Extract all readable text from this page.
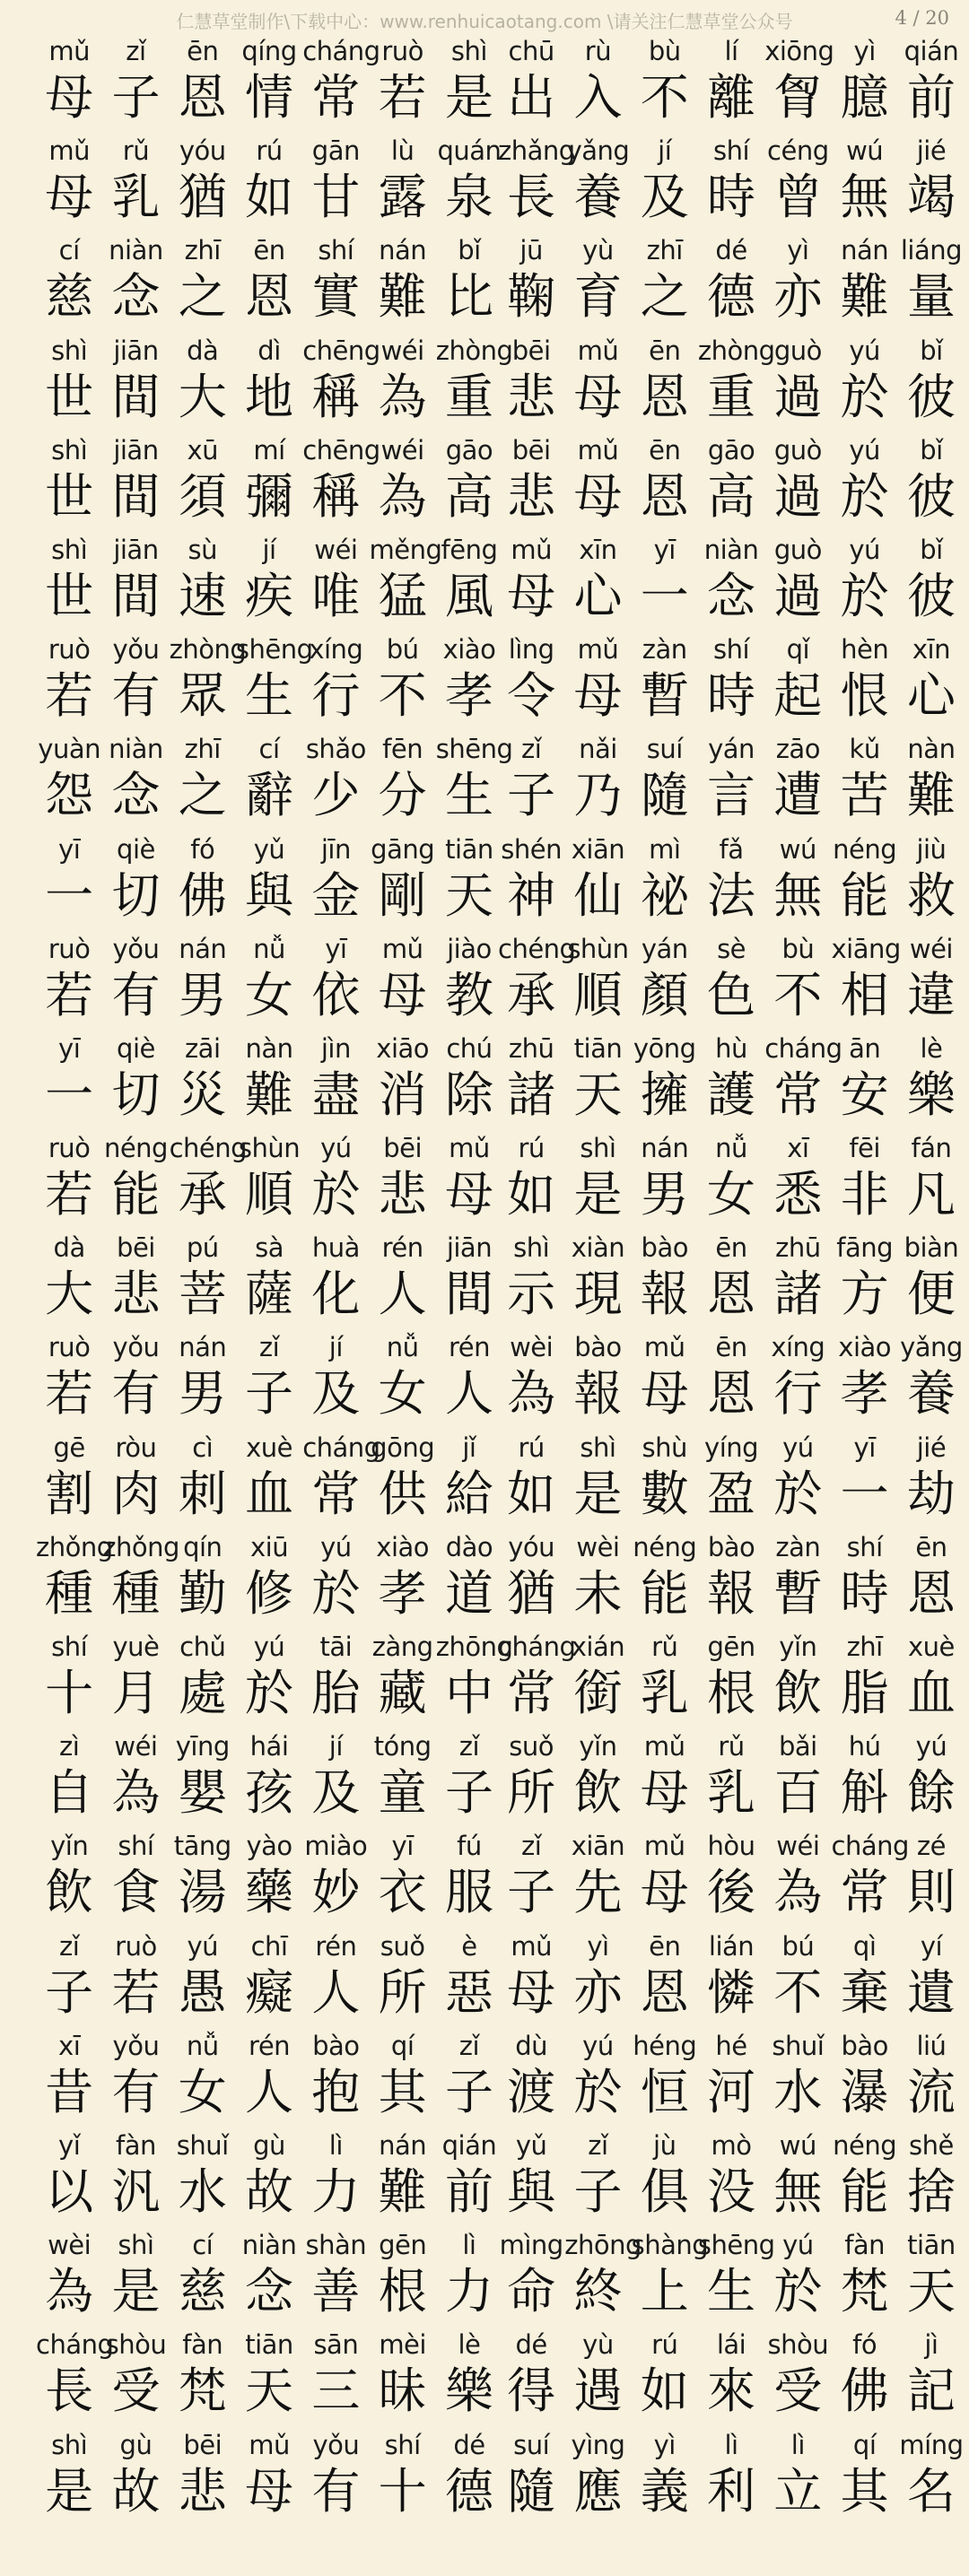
仁慧草堂制作\下载中心：www.renhuicaotang.com \请关注仁慧草堂公众号	4 / 20
mǔ
母
zǐ
子
ēn
恩
qíng
情
cháng
常
ruò
若
shì
是
mǔ
母
rǔ
乳
yóu
猶
rú
如
gān
甘
lù
露
quán
泉
cí
慈
niàn
念
zhī
之
ēn
恩
shí
實
nán
難
bǐ
比
shì
世
jiān
間
dà
大
dì
地
chēng
稱
wéi
為
zhòng
重
shì
世
jiān
間
xū
須
mí
彌
chēng
稱
wéi
為
gāo
高
shì
世
jiān
間
sù
速
jí
疾
wéi
唯
měng
猛
fēng
風
ruò
若
yǒu
有
zhòng
眾
shēng
生
xíng
行
bú
不
xiào
孝
yuàn
怨
niàn
念
zhī
之
cí
辭
shǎo
少
fēn
分
shēng
生
yī
一
qiè
切
fó
佛
yǔ
與
jīn
金
gāng
剛
tiān
天
ruò
若
yǒu
有
nán
男
nǚ
女
yī
依
mǔ
母
jiào
教
yī
一
qiè
切
zāi
災
nàn
難
jìn
盡
xiāo
消
chú
除
ruò
若
néng
能
chéng
承
shùn
順
yú
於
bēi
悲
mǔ
母
dà
大
bēi
悲
pú
菩
sà
薩
huà
化
rén
人
jiān
間
ruò
若
yǒu
有
nán
男
zǐ
子
jí
及
nǚ
女
rén
人
gē
割
ròu
肉
cì
刺
xuè
血
cháng
常
gōng
供
jǐ
給
zhǒng
種
zhǒng
種
qín
勤
xiū
修
yú
於
xiào
孝
dào
道
shí
十
yuè
月
chǔ
處
yú
於
tāi
胎
zàng
藏
zhōng
中
zì
自
wéi
為
yīng
嬰
hái
孩
jí
及
tóng
童
zǐ
子
yǐn
飲
shí
食
tāng
湯
yào
藥
miào
妙
yī
衣
fú
服
zǐ
子
ruò
若
yú
愚
chī
癡
rén
人
suǒ
所
è
惡
xī
昔
yǒu
有
nǚ
女
rén
人
bào
抱
qí
其
zǐ
子
yǐ
以
fàn
汎
shuǐ
水
gù
故
lì
力
nán
難
qián
前
wèi
為
shì
是
cí
慈
niàn
念
shàn
善
gēn
根
lì
力
cháng
長
shòu
受
fàn
梵
tiān
天
sān
三
mèi
昧
lè
樂
shì
是
gù
故
bēi
悲
mǔ
母
yǒu
有
shí
十
dé
德
chū
出
rù
入
bù
不
lí
離
xiōng
胷
yì
臆
qián
前
zhǎng
長
yǎng
養
jí
及
shí
時
céng
曾
wú
無
jié
竭
jū
鞠
yù
育
zhī
之
dé
德
yì
亦
nán
難
liáng
量
bēi
悲
mǔ
母
ēn
恩
zhòng
重
guò
過
yú
於
bǐ
彼
bēi
悲
mǔ
母
ēn
恩
gāo
高
guò
過
yú
於
bǐ
彼
mǔ
母
xīn
心
yī
一
niàn
念
guò
過
yú
於
bǐ
彼
lìng
令
mǔ
母
zàn
暫
shí
時
qǐ
起
hèn
恨
xīn
心
zǐ
子
nǎi
乃
suí
隨
yán
言
zāo
遭
kǔ
苦
nàn
難
shén
神
xiān
仙
mì
祕
fǎ
法
wú
無
néng
能
jiù
救
chéng
承
shùn
順
yán
顏
sè
色
bù
不
xiāng
相
wéi
違
zhū
諸
tiān
天
yōng
擁
hù
護
cháng
常
ān
安
lè
樂
rú
如
shì
是
nán
男
nǚ
女
xī
悉
fēi
非
fán
凡
shì
示
xiàn
現
bào
報
ēn
恩
zhū
諸
fāng
方
biàn
便
wèi
為
bào
報
mǔ
母
ēn
恩
xíng
行
xiào
孝
yǎng
養
rú
如
shì
是
shù
數
yíng
盈
yú
於
yī
一
jié
劫
yóu
猶
wèi
未
néng
能
bào
報
zàn
暫
shí
時
ēn
恩
cháng
常
xián
銜
rǔ
乳
gēn
根
yǐn
飲
zhī
脂
xuè
血
suǒ
所
yǐn
飲
mǔ
母
rǔ
乳
bǎi
百
hú
斛
yú
餘
zǐ
子
xiān
先
mǔ
母
hòu
後
wéi
為
cháng
常
zé
則
mǔ
母
yì
亦
ēn
恩
lián
憐
bú
不
qì
棄
yí
遺
dù
渡
yú
於
héng
恒
hé
河
shuǐ
水
bào
瀑
liú
流
yǔ
與
zǐ
子
jù
俱
mò
没
wú
無
néng
能
shě
捨
mìng
命
zhōng
終
shàng
上
shēng
生
yú
於
fàn
梵
tiān
天
dé
得
yù
遇
rú
如
lái
來
shòu
受
fó
佛
jì
記
suí
隨
yìng
應
yì
義
lì
利
lì
立
qí
其
míng
名
